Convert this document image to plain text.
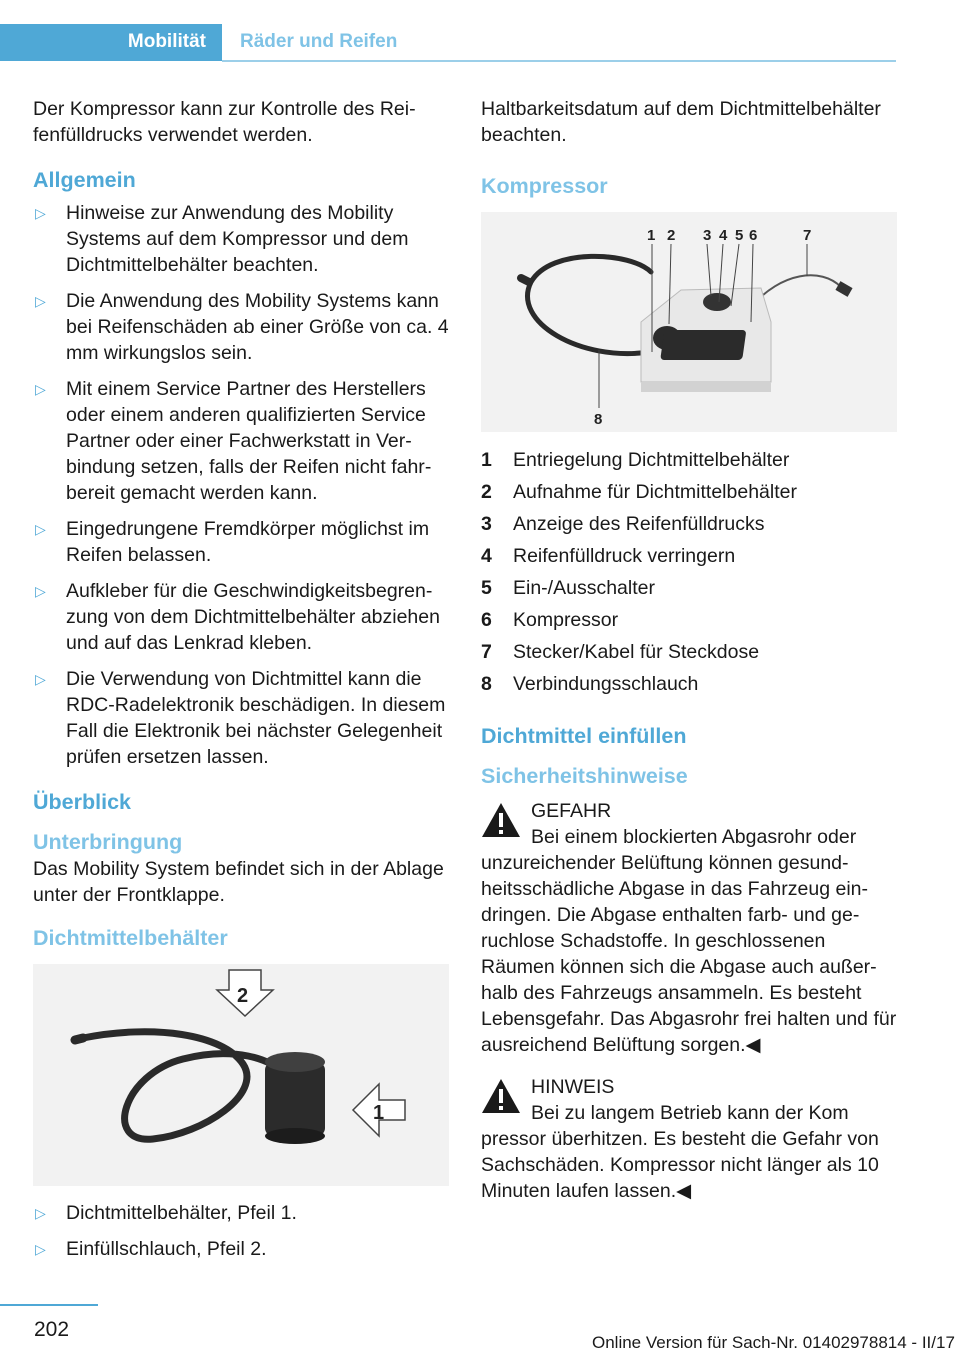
Mobilität Räder und Reifen

Der Kompressor kann zur Kontrolle des Reifenfülldrucks verwendet werden.

Allgemein
▷ Hinweise zur Anwendung des Mobility Systems auf dem Kompressor und dem Dichtmittelbehälter beachten.
▷ Die Anwendung des Mobility Systems kann bei Reifenschäden ab einer Größe von ca. 4 mm wirkungslos sein.
▷ Mit einem Service Partner des Herstellers oder einem anderen qualifizierten Service Partner oder einer Fachwerkstatt in Verbindung setzen, falls der Reifen nicht fahrbereit gemacht werden kann.
▷ Eingedrungene Fremdkörper möglichst im Reifen belassen.
▷ Aufkleber für die Geschwindigkeitsbegrenzung von dem Dichtmittelbehälter abziehen und auf das Lenkrad kleben.
▷ Die Verwendung von Dichtmittel kann die RDC-Radelektronik beschädigen. In diesem Fall die Elektronik bei nächster Gelegenheit prüfen ersetzen lassen.
Überblick
Unterbringung

Das Mobility System befindet sich in der Ablage unter der Frontklappe.

Dichtmittelbehälter
2
1
▷ Dichtmittelbehälter, Pfeil 1.
▷ Einfüllschlauch, Pfeil 2.

Haltbarkeitsdatum auf dem Dichtmittelbehälter beachten.

Kompressor
1 2 3 4 5 6	7
8
1	Entriegelung Dichtmittelbehälter
2	Aufnahme für Dichtmittelbehälter
3	Anzeige des Reifenfülldrucks
4	Reifenfülldruck verringern
5	Ein-/Ausschalter
6	Kompressor
7	Stecker/Kabel für Steckdose
8	Verbindungsschlauch
Dichtmittel einfüllen
Sicherheitshinweise

GEFAHR

Bei einem blockierten Abgasrohr oder

unzureichender Belüftung können gesundheitsschädliche Abgase in das Fahrzeug eindringen. Die Abgase enthalten farb- und geruchlose Schadstoffe. In geschlossenen Räumen können sich die Abgase auch außerhalb des Fahrzeugs ansammeln. Es besteht Lebensgefahr. Das Abgasrohr frei halten und für ausreichend Belüftung sorgen.◀

HINWEIS

Bei zu langem Betrieb kann der Kom

pressor überhitzen. Es besteht die Gefahr von Sachschäden. Kompressor nicht länger als 10 Minuten laufen lassen.◀

202
Online Version für Sach-Nr. 01402978814 - II/17
